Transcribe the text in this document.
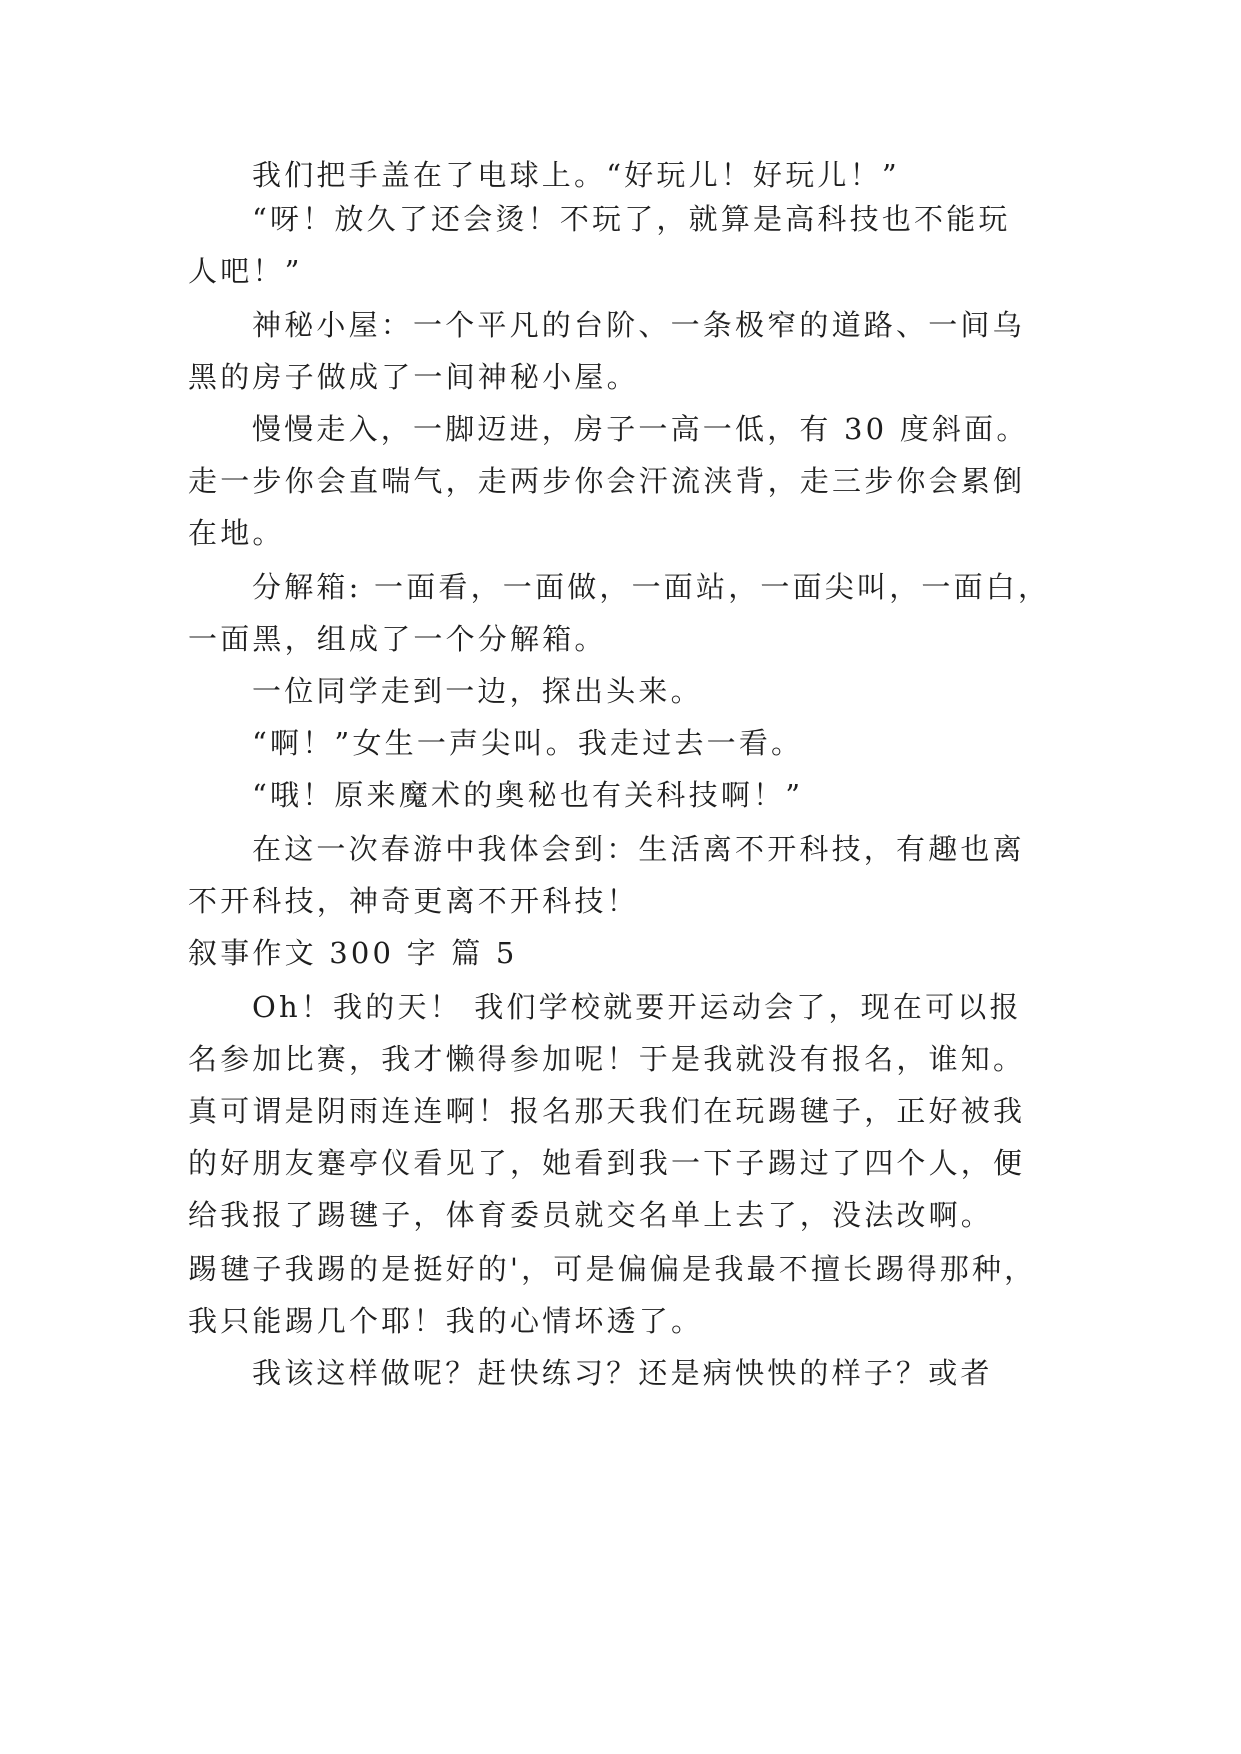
我们把手盖在了电球上。“好玩儿！好玩儿！”
“呀！放久了还会烫！不玩了，就算是高科技也不能玩
人吧！”
神秘小屋：一个平凡的台阶、一条极窄的道路、一间乌
黑的房子做成了一间神秘小屋。
慢慢走入，一脚迈进，房子一高一低，有 30 度斜面。
走一步你会直喘气，走两步你会汗流浃背，走三步你会累倒
在地。
分解箱: 一面看，一面做，一面站，一面尖叫，一面白，
一面黑，组成了一个分解箱。
一位同学走到一边，探出头来。
“啊！”女生一声尖叫。我走过去一看。
“哦！原来魔术的奥秘也有关科技啊！”
在这一次春游中我体会到：生活离不开科技，有趣也离
不开科技，神奇更离不开科技！
叙事作文 300 字 篇 5
Oh！我的天！ 我们学校就要开运动会了，现在可以报
名参加比赛，我才懒得参加呢！于是我就没有报名，谁知。
真可谓是阴雨连连啊！报名那天我们在玩踢毽子，正好被我
的好朋友蹇亭仪看见了，她看到我一下子踢过了四个人，便
给我报了踢毽子，体育委员就交名单上去了，没法改啊。
踢毽子我踢的是挺好的'，可是偏偏是我最不擅长踢得那种，
我只能踢几个耶！我的心情坏透了。
我该这样做呢？赶快练习？还是病怏怏的样子？或者
